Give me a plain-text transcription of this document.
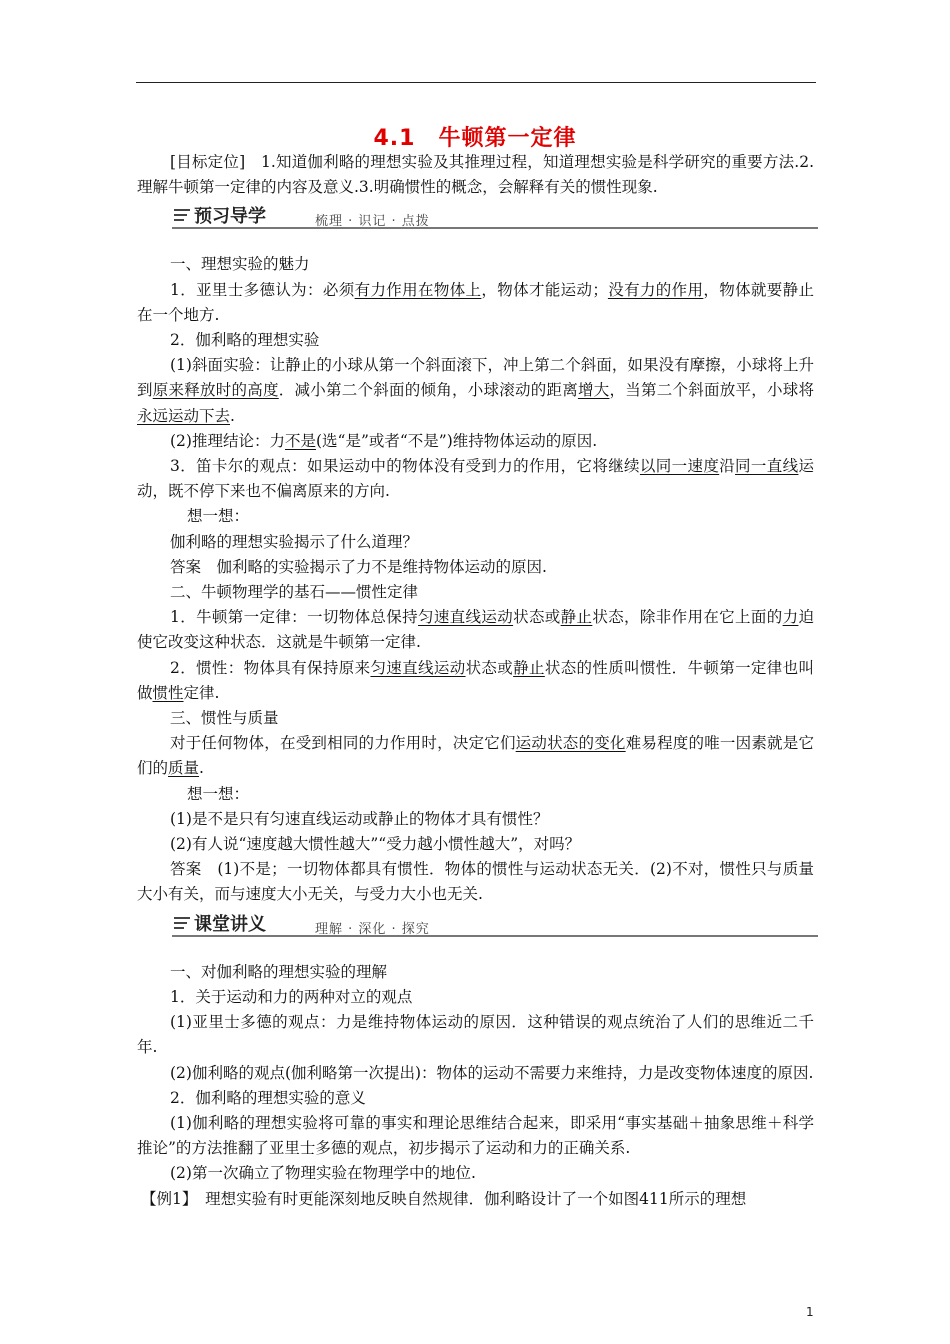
4.1　牛顿第一定律

[目标定位]　1.知道伽利略的理想实验及其推理过程，知道理想实验是科学研究的重要方法.2.理解牛顿第一定律的内容及意义.3.明确惯性的概念，会解释有关的惯性现象.

预习导学	梳理 · 识记 · 点拨

一、理想实验的魅力

1．亚里士多德认为：必须有力作用在物体上，物体才能运动；没有力的作用，物体就要静止在一个地方.

2．伽利略的理想实验

(1)斜面实验：让静止的小球从第一个斜面滚下，冲上第二个斜面，如果没有摩擦，小球将上升到原来释放时的高度．减小第二个斜面的倾角，小球滚动的距离增大，当第二个斜面放平，小球将永远运动下去.

(2)推理结论：力不是(选“是”或者“不是”)维持物体运动的原因.

3．笛卡尔的观点：如果运动中的物体没有受到力的作用，它将继续以同一速度沿同一直线运动，既不停下来也不偏离原来的方向.

想一想：

伽利略的理想实验揭示了什么道理？

答案　伽利略的实验揭示了力不是维持物体运动的原因.

二、牛顿物理学的基石——惯性定律

1．牛顿第一定律：一切物体总保持匀速直线运动状态或静止状态，除非作用在它上面的力迫使它改变这种状态．这就是牛顿第一定律.

2．惯性：物体具有保持原来匀速直线运动状态或静止状态的性质叫惯性．牛顿第一定律也叫做惯性定律.

三、惯性与质量

对于任何物体，在受到相同的力作用时，决定它们运动状态的变化难易程度的唯一因素就是它们的质量.

想一想：

(1)是不是只有匀速直线运动或静止的物体才具有惯性？

(2)有人说“速度越大惯性越大”“受力越小惯性越大”，对吗？

答案　(1)不是；一切物体都具有惯性．物体的惯性与运动状态无关．(2)不对，惯性只与质量大小有关，而与速度大小无关，与受力大小也无关.

课堂讲义	理解 · 深化 · 探究

一、对伽利略的理想实验的理解

1．关于运动和力的两种对立的观点

(1)亚里士多德的观点：力是维持物体运动的原因．这种错误的观点统治了人们的思维近二千年.

(2)伽利略的观点(伽利略第一次提出)：物体的运动不需要力来维持，力是改变物体速度的原因.

2．伽利略的理想实验的意义

(1)伽利略的理想实验将可靠的事实和理论思维结合起来，即采用“事实基础＋抽象思维＋科学推论”的方法推翻了亚里士多德的观点，初步揭示了运动和力的正确关系.

(2)第一次确立了物理实验在物理学中的地位.

【例1】　理想实验有时更能深刻地反映自然规律．伽利略设计了一个如图411所示的理想

1
